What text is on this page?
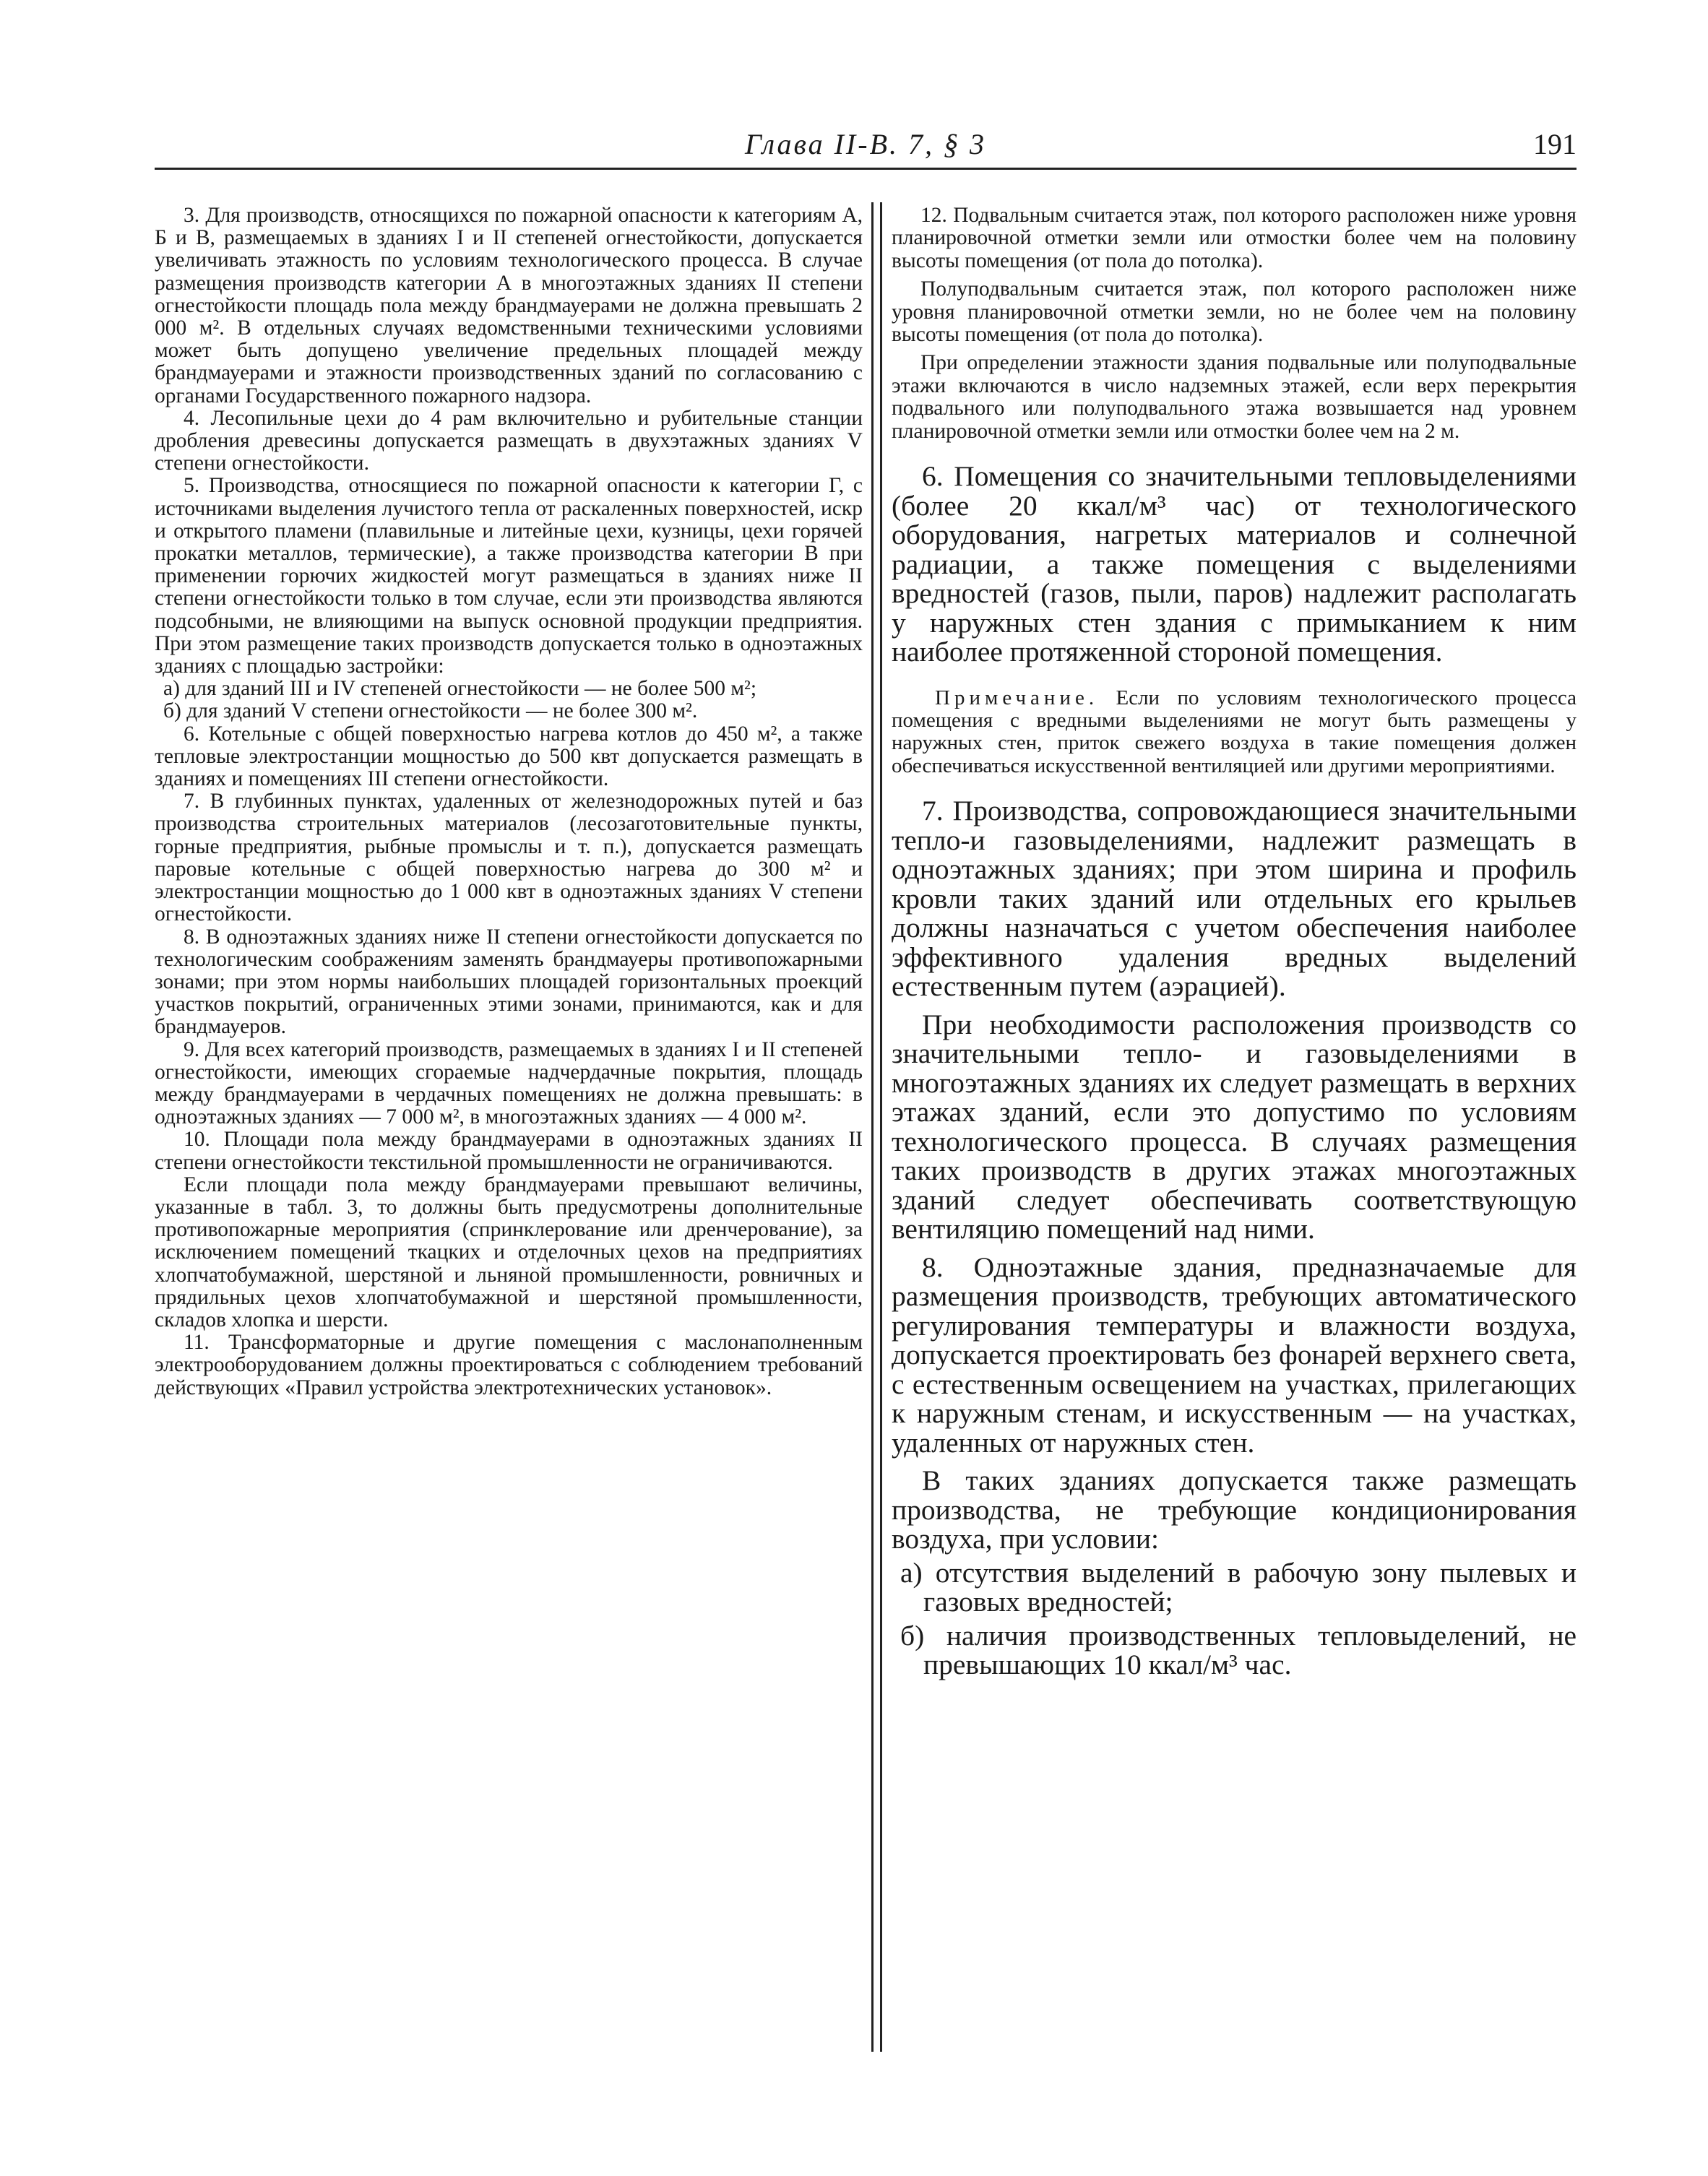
Глава II-В. 7, § 3	191

3. Для производств, относящихся по пожарной опасности к категориям А, Б и В, размещаемых в зданиях I и II степеней огнестойкости, допускается увеличивать этажность по условиям технологического процесса. В случае размещения производств категории А в многоэтажных зданиях II степени огнестойкости площадь пола между брандмауерами не должна превышать 2 000 м². В отдельных случаях ведомственными техническими условиями может быть допущено увеличение предельных площадей между брандмауерами и этажности производственных зданий по согласованию с органами Государственного пожарного надзора.

4. Лесопильные цехи до 4 рам включительно и рубительные станции дробления древесины допускается размещать в двухэтажных зданиях V степени огнестойкости.

5. Производства, относящиеся по пожарной опасности к категории Г, с источниками выделения лучистого тепла от раскаленных поверхностей, искр и открытого пламени (плавильные и литейные цехи, кузницы, цехи горячей прокатки металлов, термические), а также производства категории В при применении горючих жидкостей могут размещаться в зданиях ниже II степени огнестойкости только в том случае, если эти производства являются подсобными, не влияющими на выпуск основной продукции предприятия. При этом размещение таких производств допускается только в одноэтажных зданиях с площадью застройки:

а) для зданий III и IV степеней огнестойкости — не более 500 м²;

б) для зданий V степени огнестойкости — не более 300 м².

6. Котельные с общей поверхностью нагрева котлов до 450 м², а также тепловые электростанции мощностью до 500 квт допускается размещать в зданиях и помещениях III степени огнестойкости.

7. В глубинных пунктах, удаленных от железнодорожных путей и баз производства строительных материалов (лесозаготовительные пункты, горные предприятия, рыбные промыслы и т. п.), допускается размещать паровые котельные с общей поверхностью нагрева до 300 м² и электростанции мощностью до 1 000 квт в одноэтажных зданиях V степени огнестойкости.

8. В одноэтажных зданиях ниже II степени огнестойкости допускается по технологическим соображениям заменять брандмауеры противопожарными зонами; при этом нормы наибольших площадей горизонтальных проекций участков покрытий, ограниченных этими зонами, принимаются, как и для брандмауеров.

9. Для всех категорий производств, размещаемых в зданиях I и II степеней огнестойкости, имеющих сгораемые надчердачные покрытия, площадь между брандмауерами в чердачных помещениях не должна превышать: в одноэтажных зданиях — 7 000 м², в многоэтажных зданиях — 4 000 м².

10. Площади пола между брандмауерами в одноэтажных зданиях II степени огнестойкости текстильной промышленности не ограничиваются.

Если площади пола между брандмауерами превышают величины, указанные в табл. 3, то должны быть предусмотрены дополнительные противопожарные мероприятия (спринклерование или дренчерование), за исключением помещений ткацких и отделочных цехов на предприятиях хлопчатобумажной, шерстяной и льняной промышленности, ровничных и прядильных цехов хлопчатобумажной и шерстяной промышленности, складов хлопка и шерсти.

11. Трансформаторные и другие помещения с маслонаполненным электрооборудованием должны проектироваться с соблюдением требований действующих «Правил устройства электротехнических установок».

12. Подвальным считается этаж, пол которого расположен ниже уровня планировочной отметки земли или отмостки более чем на половину высоты помещения (от пола до потолка).

Полуподвальным считается этаж, пол которого расположен ниже уровня планировочной отметки земли, но не более чем на половину высоты помещения (от пола до потолка).

При определении этажности здания подвальные или полуподвальные этажи включаются в число надземных этажей, если верх перекрытия подвального или полуподвального этажа возвышается над уровнем планировочной отметки земли или отмостки более чем на 2 м.

6. Помещения со значительными тепловыделениями (более 20 ккал/м³ час) от технологического оборудования, нагретых материалов и солнечной радиации, а также помещения с выделениями вредностей (газов, пыли, паров) надлежит располагать у наружных стен здания с примыканием к ним наиболее протяженной стороной помещения.

Примечание. Если по условиям технологического процесса помещения с вредными выделениями не могут быть размещены у наружных стен, приток свежего воздуха в такие помещения должен обеспечиваться искусственной вентиляцией или другими мероприятиями.

7. Производства, сопровождающиеся значительными тепло-и газовыделениями, надлежит размещать в одноэтажных зданиях; при этом ширина и профиль кровли таких зданий или отдельных его крыльев должны назначаться с учетом обеспечения наиболее эффективного удаления вредных выделений естественным путем (аэрацией).

При необходимости расположения производств со значительными тепло- и газовыделениями в многоэтажных зданиях их следует размещать в верхних этажах зданий, если это допустимо по условиям технологического процесса. В случаях размещения таких производств в других этажах многоэтажных зданий следует обеспечивать соответствующую вентиляцию помещений над ними.

8. Одноэтажные здания, предназначаемые для размещения производств, требующих автоматического регулирования температуры и влажности воздуха, допускается проектировать без фонарей верхнего света, с естественным освещением на участках, прилегающих к наружным стенам, и искусственным — на участках, удаленных от наружных стен.

В таких зданиях допускается также размещать производства, не требующие кондиционирования воздуха, при условии:

а) отсутствия выделений в рабочую зону пылевых и газовых вредностей;

б) наличия производственных тепловыделений, не превышающих 10 ккал/м³ час.
